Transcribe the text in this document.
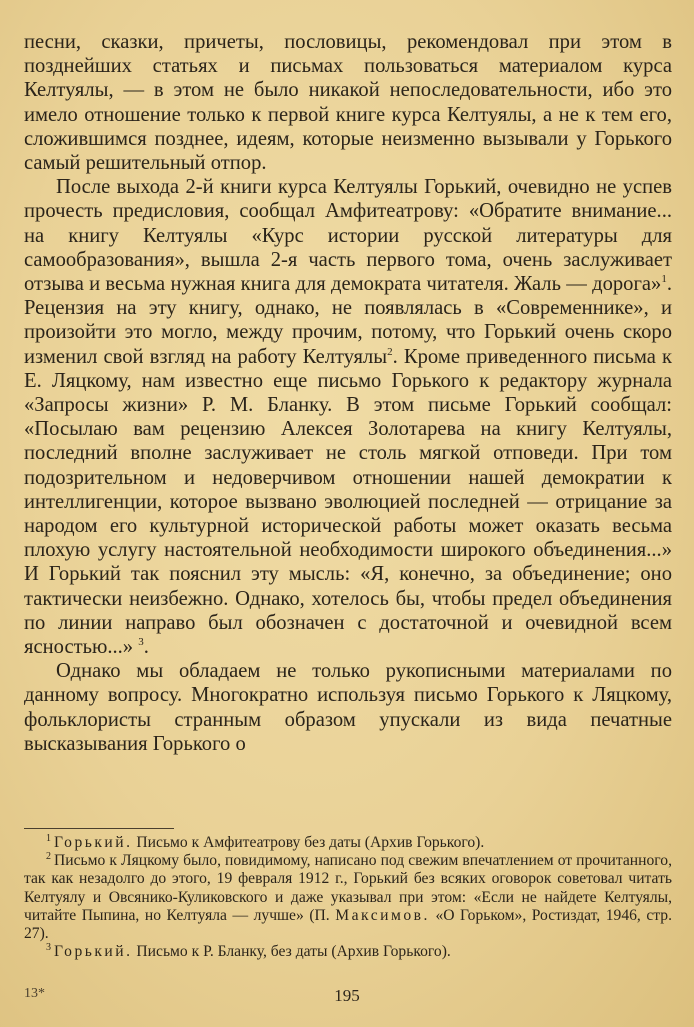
песни, сказки, причеты, пословицы, рекомендовал при этом в позднейших статьях и письмах пользоваться материалом курса Келтуялы, — в этом не было никакой непоследовательности, ибо это имело отношение только к первой книге курса Келтуялы, а не к тем его, сложившимся позднее, идеям, которые неизменно вызывали у Горького самый решительный отпор.

После выхода 2-й книги курса Келтуялы Горький, очевидно не успев прочесть предисловия, сообщал Амфитеатрову: «Обратите внимание... на книгу Келтуялы «Курс истории русской литературы для самообразования», вышла 2-я часть первого тома, очень заслуживает отзыва и весьма нужная книга для демократа читателя. Жаль — дорога»$^1$. Рецензия на эту книгу, однако, не появлялась в «Современнике», и произойти это могло, между прочим, потому, что Горький очень скоро изменил свой взгляд на работу Келтуялы$^2$. Кроме приведенного письма к Е. Ляцкому, нам известно еще письмо Горького к редактору журнала «Запросы жизни» Р. М. Бланку. В этом письме Горький сообщал: «Посылаю вам рецензию Алексея Золотарева на книгу Келтуялы, последний вполне заслуживает не столь мягкой отповеди. При том подозрительном и недоверчивом отношении нашей демократии к интеллигенции, которое вызвано эволюцией последней — отрицание за народом его культурной исторической работы может оказать весьма плохую услугу настоятельной необходимости широкого объединения...» И Горький так пояснил эту мысль: «Я, конечно, за объединение; оно тактически неизбежно. Однако, хотелось бы, чтобы предел объединения по линии направо был обозначен с достаточной и очевидной всем ясностью...» $^3$.

Однако мы обладаем не только рукописными материалами по данному вопросу. Многократно используя письмо Горького к Ляцкому, фольклористы странным образом упускали из вида печатные высказывания Горького о

$^1$ Горький. Письмо к Амфитеатрову без даты (Архив Горького).

$^2$ Письмо к Ляцкому было, повидимому, написано под свежим впечатлением от прочитанного, так как незадолго до этого, 19 февраля 1912 г., Горький без всяких оговорок советовал читать Келтуялу и Овсянико-Куликовского и даже указывал при этом: «Если не найдете Келтуялы, читайте Пыпина, но Келтуяла — лучше» (П. Максимов. «О Горьком», Ростиздат, 1946, стр. 27).

$^3$ Горький. Письмо к Р. Бланку, без даты (Архив Горького).

13*	195
